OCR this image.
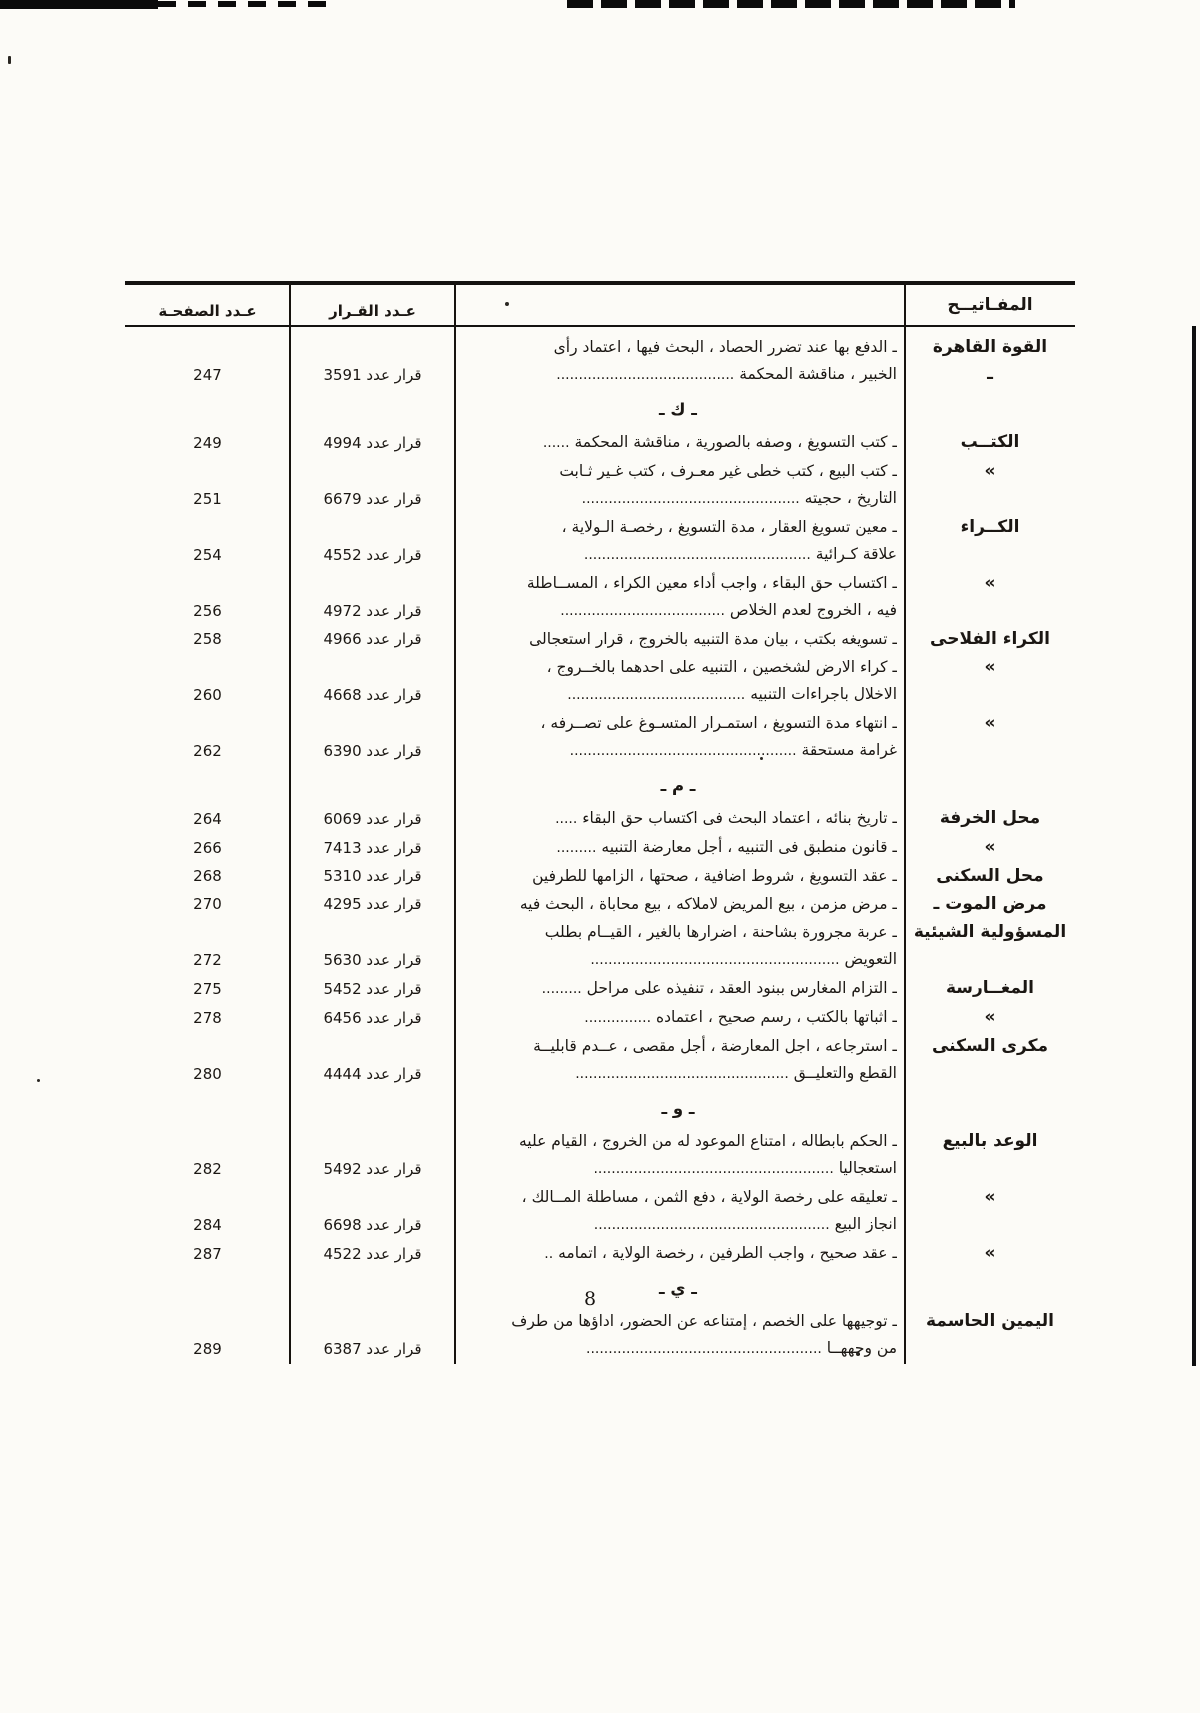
المفـاتيــح
عـدد القـرار
عـدد الصفحـة
القوة القاهرة
ـ
ـ الدفع بها عند تضرر الحصاد ، البحث فيها ، اعتماد رأى
الخبير ، مناقشة المحكمة ........................................
قرار عدد 3591
247
ـ ك ـ
الكتــب
ـ كتب التسويغ ، وصفه بالصورية ، مناقشة المحكمة ......
قرار عدد 4994
249
»
ـ كتب البيع ، كتب خطى غير معـرف ، كتب غـير ثـابت
التاريخ ، حجيته .................................................
قرار عدد 6679
251
الكــراء
ـ معين تسويغ العقار ، مدة التسويغ ، رخصـة الـولاية ،
علاقة كـرائية ...................................................
قرار عدد 4552
254
»
ـ اكتساب حق البقاء ، واجب أداء معين الكراء ، المســاطلة
فيه ، الخروج لعدم الخلاص .....................................
قرار عدد 4972
256
الكراء الفلاحى
ـ تسويغه بكتب ، بيان مدة التنبيه بالخروج ، قرار استعجالى
قرار عدد 4966
258
»
ـ كراء الارض لشخصين ، التنبيه على احدهما بالخــروج ،
الاخلال باجراءات التنبيه ........................................
قرار عدد 4668
260
»
ـ انتهاء مدة التسويغ ، استمـرار المتسـوغ على تصــرفه ،
غرامة مستحقة ...................................................
قرار عدد 6390
262
ـ م ـ
محل الخرفة
ـ تاريخ بنائه ، اعتماد البحث فى اكتساب حق البقاء .....
قرار عدد 6069
264
»
ـ قانون منطبق فى التنبيه ، أجل معارضة التنبيه .........
قرار عدد 7413
266
محل السكنى
ـ عقد التسويغ ، شروط اضافية ، صحتها ، الزامها للطرفين
قرار عدد 5310
268
مرض الموت ـ
ـ مرض مزمن ، بيع المريض لاملاكه ، بيع محاباة ، البحث فيه
قرار عدد 4295
270
المسؤولية الشيئية
ـ عربة مجرورة بشاحنة ، اضرارها بالغير ، القيــام بطلب
التعويض ........................................................
قرار عدد 5630
272
المغــارسة
ـ التزام المغارس ببنود العقد ، تنفيذه على مراحل .........
قرار عدد 5452
275
»
ـ اثباتها بالكتب ، رسم صحيح ، اعتماده ...............
قرار عدد 6456
278
مكرى السكنى
ـ استرجاعه ، اجل المعارضة ، أجل مقصى ، عــدم قابليــة
القطع والتعليــق ................................................
قرار عدد 4444
280
ـ و ـ
الوعد بالبيع
ـ الحكم بابطاله ، امتناع الموعود له من الخروج ، القيام عليه
استعجاليا ......................................................
قرار عدد 5492
282
»
ـ تعليقه على رخصة الولاية ، دفع الثمن ، مساطلة المــالك ،
انجاز البيع .....................................................
قرار عدد 6698
284
»
ـ عقد صحيح ، واجب الطرفين ، رخصة الولاية ، اتمامه ..
قرار عدد 4522
287
ـ ي ـ
اليمين الحاسمة
ـ توجيهها على الخصم ، إمتناعه عن الحضور، اداؤها من طرف
من وجههــا .....................................................
قرار عدد 6387
289
8
